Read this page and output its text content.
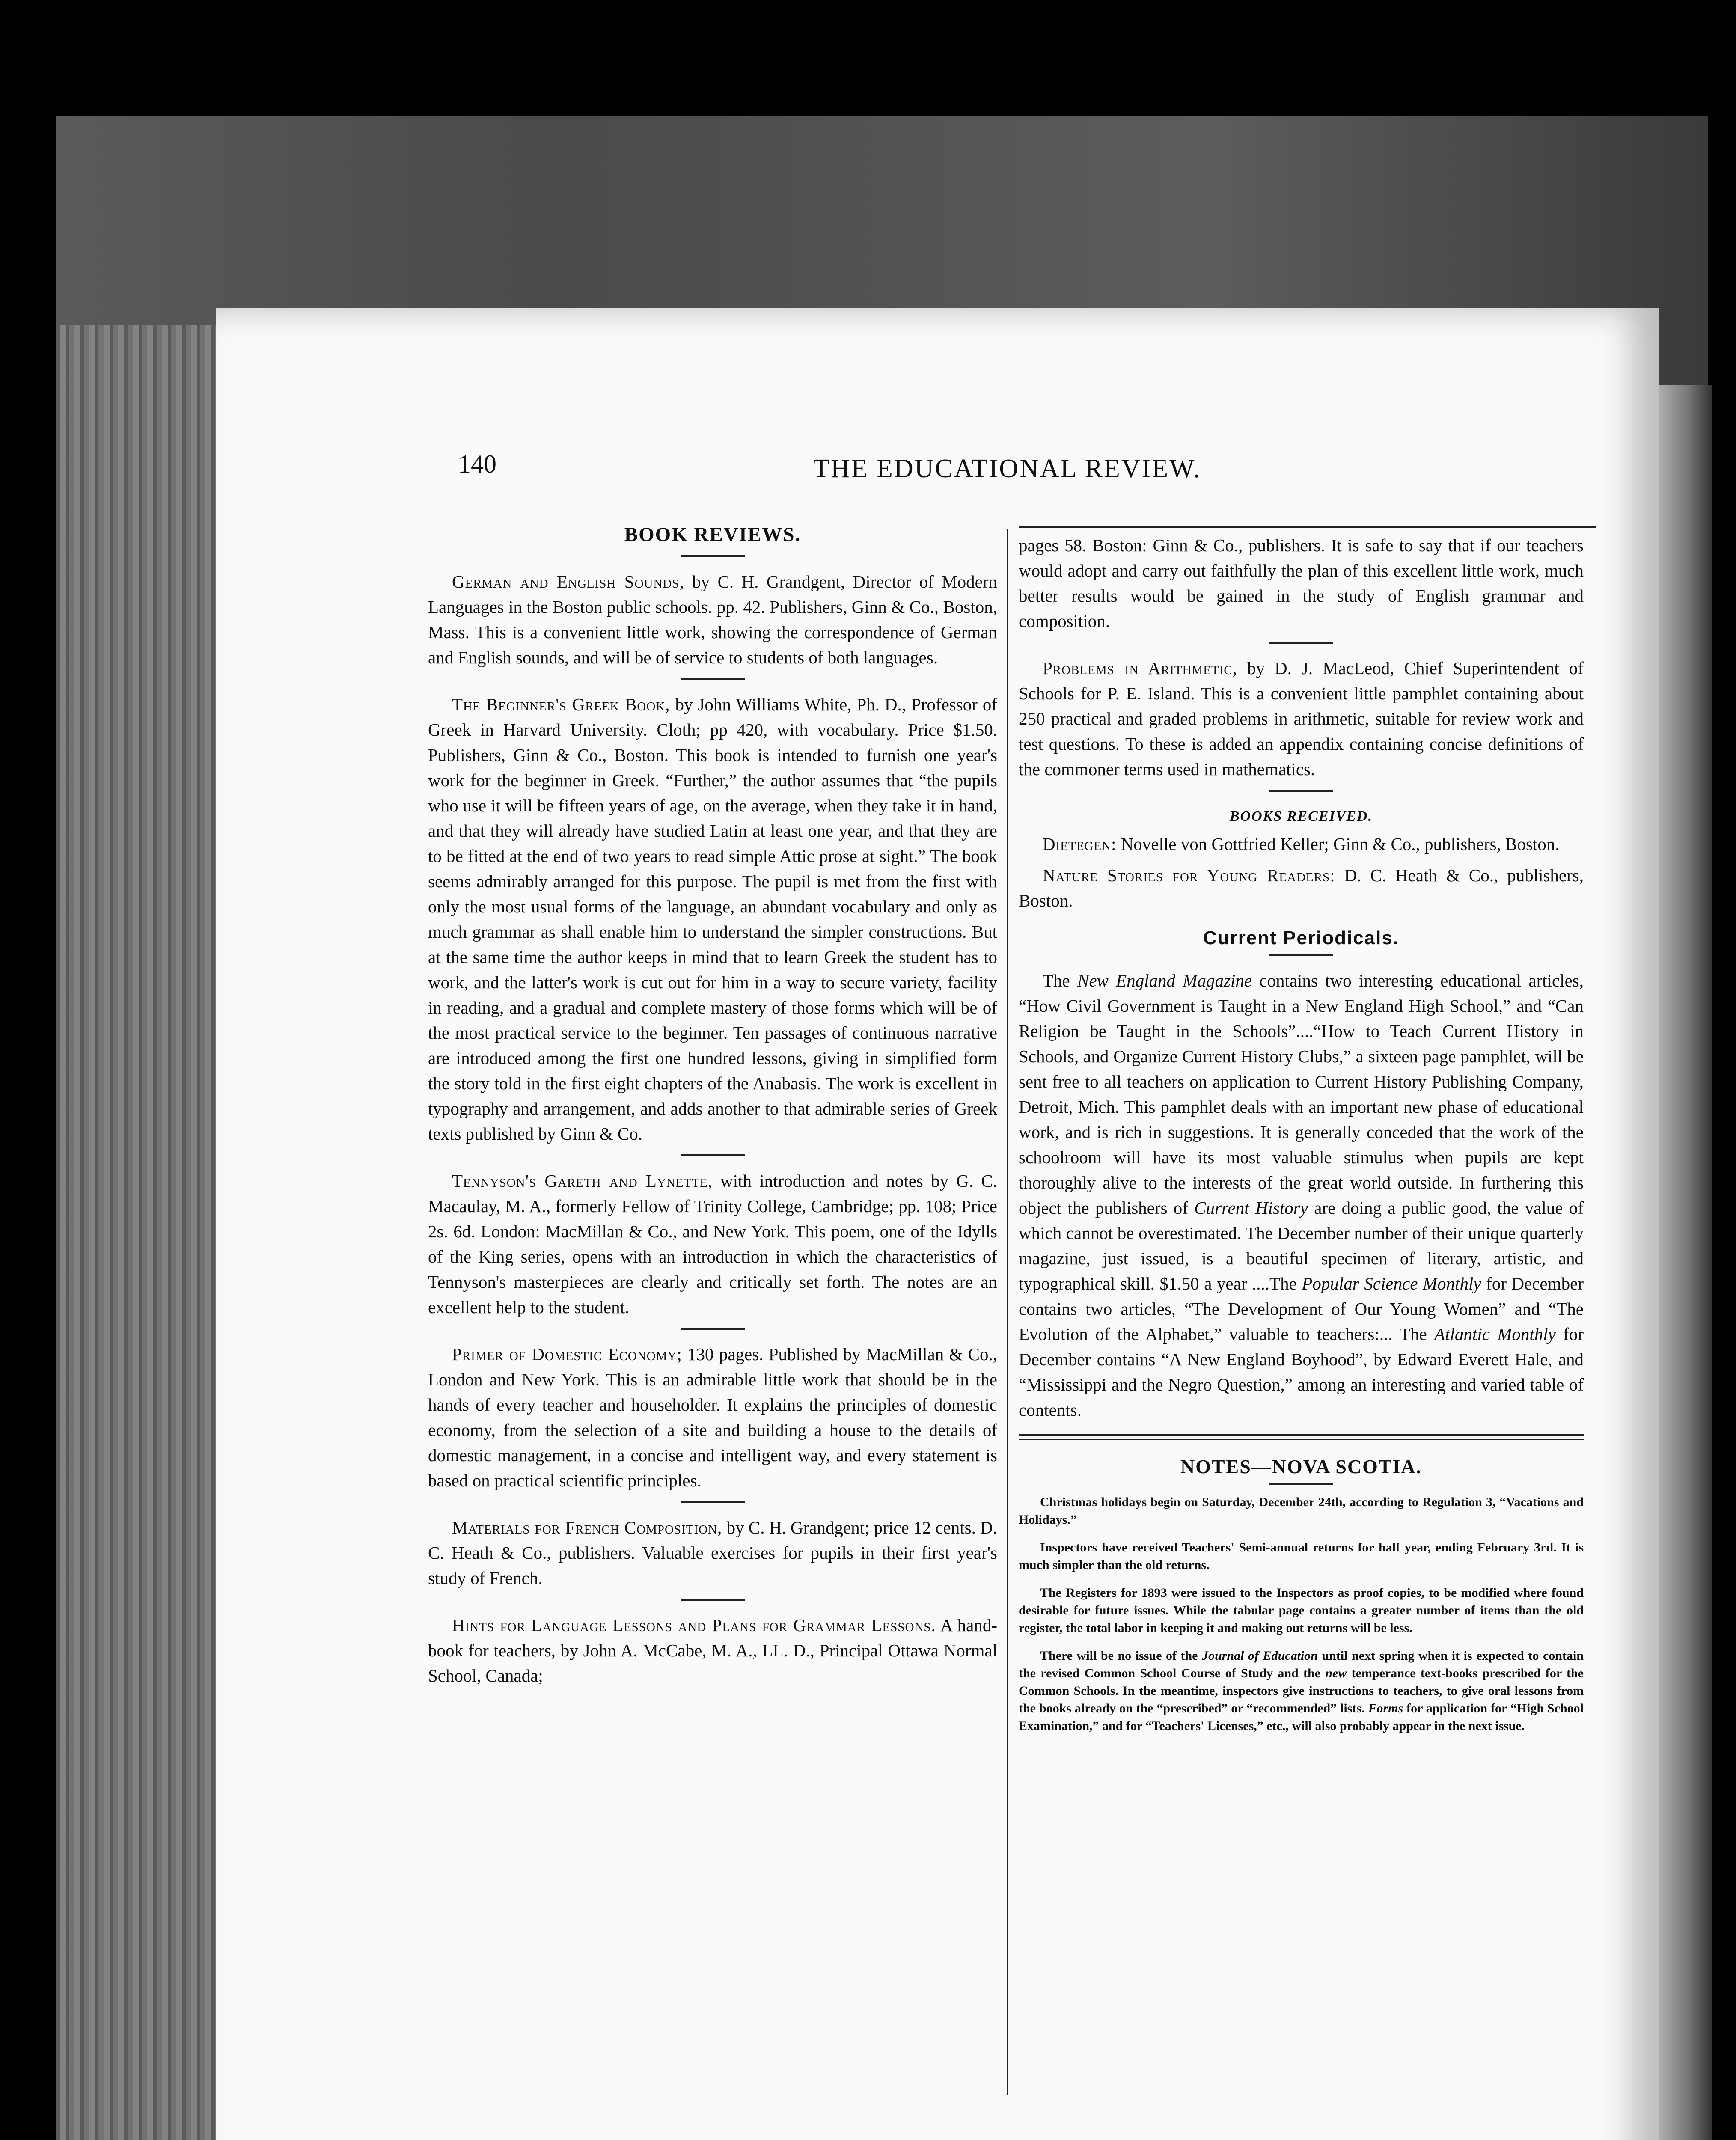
140	THE EDUCATIONAL REVIEW.
BOOK REVIEWS.

German and English Sounds, by C. H. Grandgent, Director of Modern Languages in the Boston public schools. pp. 42. Publishers, Ginn & Co., Boston, Mass. This is a convenient little work, showing the correspondence of German and English sounds, and will be of service to students of both languages.

The Beginner's Greek Book, by John Williams White, Ph. D., Professor of Greek in Harvard University. Cloth; pp 420, with vocabulary. Price $1.50. Publishers, Ginn & Co., Boston. This book is intended to furnish one year's work for the beginner in Greek. “Further,” the author assumes that “the pupils who use it will be fifteen years of age, on the average, when they take it in hand, and that they will already have studied Latin at least one year, and that they are to be fitted at the end of two years to read simple Attic prose at sight.” The book seems admirably arranged for this purpose. The pupil is met from the first with only the most usual forms of the language, an abundant vocabulary and only as much grammar as shall enable him to understand the simpler constructions. But at the same time the author keeps in mind that to learn Greek the student has to work, and the latter's work is cut out for him in a way to secure variety, facility in reading, and a gradual and complete mastery of those forms which will be of the most practical service to the beginner. Ten passages of continuous narrative are introduced among the first one hundred lessons, giving in simplified form the story told in the first eight chapters of the Anabasis. The work is excellent in typography and arrangement, and adds another to that admirable series of Greek texts published by Ginn & Co.

Tennyson's Gareth and Lynette, with introduction and notes by G. C. Macaulay, M. A., formerly Fellow of Trinity College, Cambridge; pp. 108; Price 2s. 6d. London: MacMillan & Co., and New York. This poem, one of the Idylls of the King series, opens with an introduction in which the characteristics of Tennyson's masterpieces are clearly and critically set forth. The notes are an excellent help to the student.

Primer of Domestic Economy; 130 pages. Published by MacMillan & Co., London and New York. This is an admirable little work that should be in the hands of every teacher and householder. It explains the principles of domestic economy, from the selection of a site and building a house to the details of domestic management, in a concise and intelligent way, and every statement is based on practical scientific principles.

Materials for French Composition, by C. H. Grandgent; price 12 cents. D. C. Heath & Co., publishers. Valuable exercises for pupils in their first year's study of French.

Hints for Language Lessons and Plans for Grammar Lessons. A hand-book for teachers, by John A. McCabe, M. A., LL. D., Principal Ottawa Normal School, Canada;

pages 58. Boston: Ginn & Co., publishers. It is safe to say that if our teachers would adopt and carry out faithfully the plan of this excellent little work, much better results would be gained in the study of English grammar and composition.

Problems in Arithmetic, by D. J. MacLeod, Chief Superintendent of Schools for P. E. Island. This is a convenient little pamphlet containing about 250 practical and graded problems in arithmetic, suitable for review work and test questions. To these is added an appendix containing concise definitions of the commoner terms used in mathematics.

BOOKS RECEIVED.

Dietegen: Novelle von Gottfried Keller; Ginn & Co., publishers, Boston.

Nature Stories for Young Readers: D. C. Heath & Co., publishers, Boston.

Current Periodicals.

The New England Magazine contains two interesting educational articles, “How Civil Government is Taught in a New England High School,” and “Can Religion be Taught in the Schools”....“How to Teach Current History in Schools, and Organize Current History Clubs,” a sixteen page pamphlet, will be sent free to all teachers on application to Current History Publishing Company, Detroit, Mich. This pamphlet deals with an important new phase of educational work, and is rich in suggestions. It is generally conceded that the work of the schoolroom will have its most valuable stimulus when pupils are kept thoroughly alive to the interests of the great world outside. In furthering this object the publishers of Current History are doing a public good, the value of which cannot be overestimated. The December number of their unique quarterly magazine, just issued, is a beautiful specimen of literary, artistic, and typographical skill. $1.50 a year ....The Popular Science Monthly for December contains two articles, “The Development of Our Young Women” and “The Evolution of the Alphabet,” valuable to teachers:... The Atlantic Monthly for December contains “A New England Boyhood”, by Edward Everett Hale, and “Mississippi and the Negro Question,” among an interesting and varied table of contents.

NOTES—NOVA SCOTIA.

Christmas holidays begin on Saturday, December 24th, according to Regulation 3, “Vacations and Holidays.”

Inspectors have received Teachers' Semi-annual returns for half year, ending February 3rd. It is much simpler than the old returns.

The Registers for 1893 were issued to the Inspectors as proof copies, to be modified where found desirable for future issues. While the tabular page contains a greater number of items than the old register, the total labor in keeping it and making out returns will be less.

There will be no issue of the Journal of Education until next spring when it is expected to contain the revised Common School Course of Study and the new temperance text-books prescribed for the Common Schools. In the meantime, inspectors give instructions to teachers, to give oral lessons from the books already on the “prescribed” or “recommended” lists. Forms for application for “High School Examination,” and for “Teachers' Licenses,” etc., will also probably appear in the next issue.
